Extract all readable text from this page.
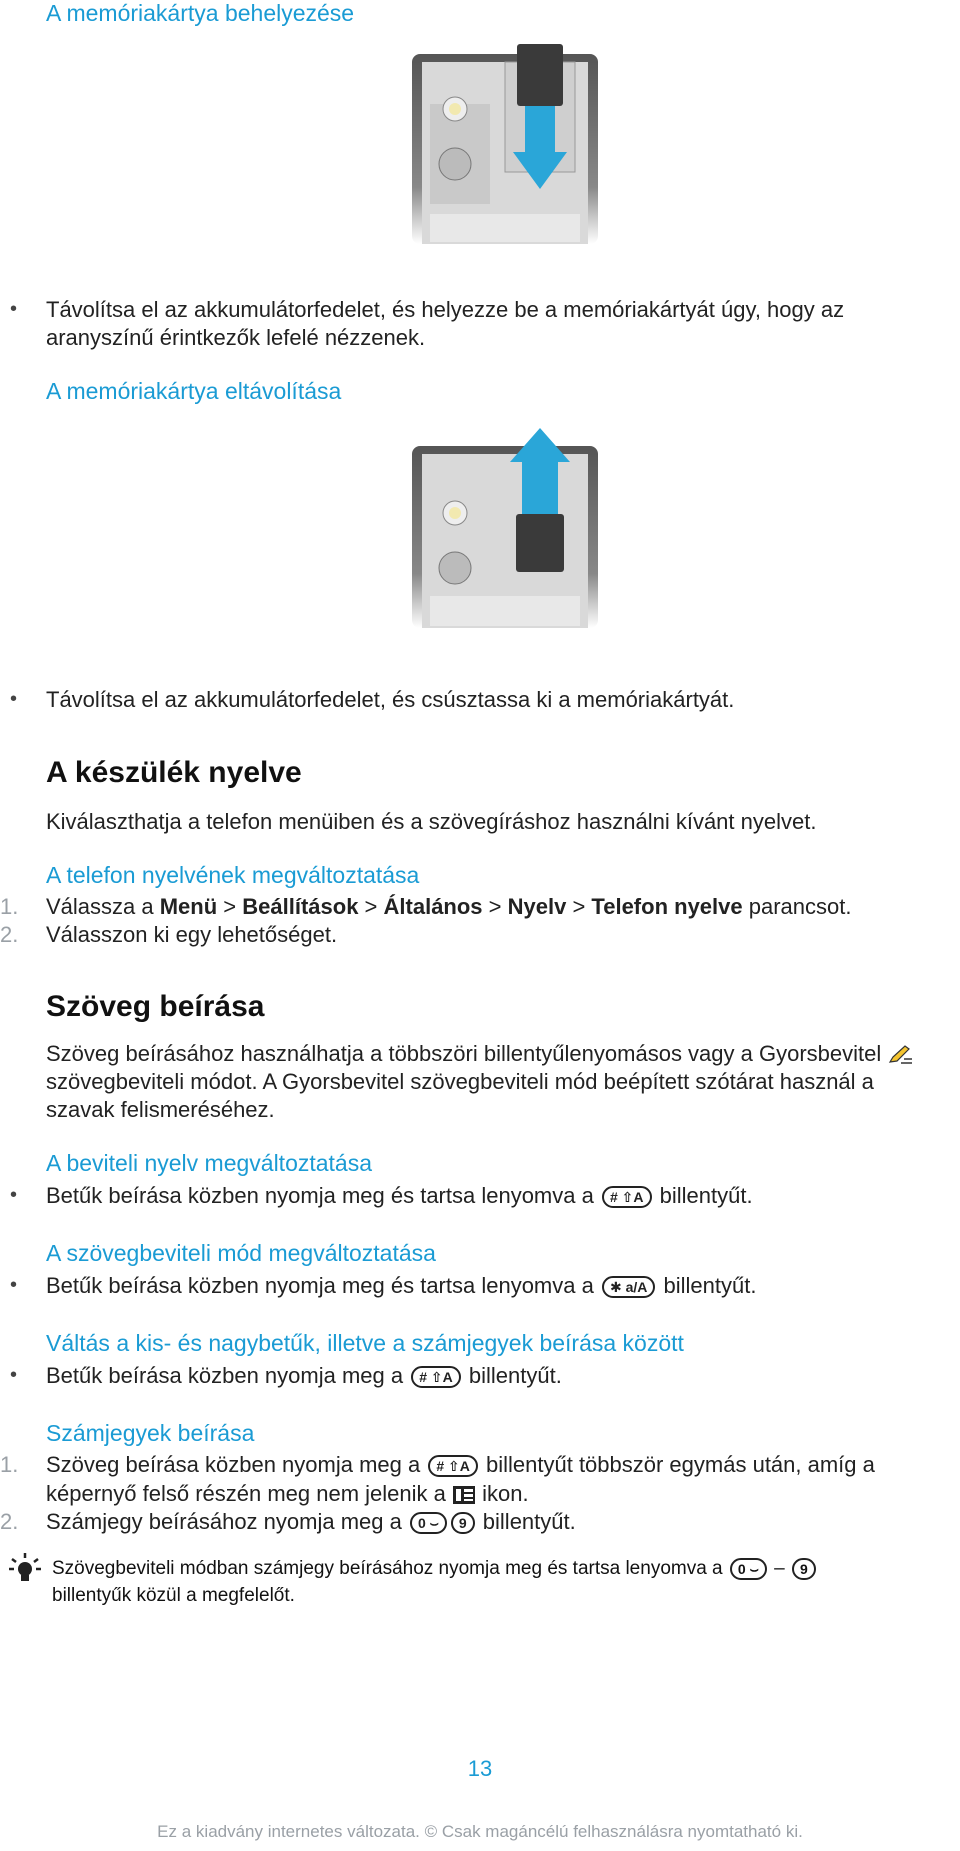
A memóriakártya behelyezése
• Távolítsa el az akkumulátorfedelet, és helyezze be a memóriakártyát úgy, hogy az aranyszínű érintkezők lefelé nézzenek.
A memóriakártya eltávolítása
• Távolítsa el az akkumulátorfedelet, és csúsztassa ki a memóriakártyát.
A készülék nyelve
Kiválaszthatja a telefon menüiben és a szövegíráshoz használni kívánt nyelvet.
A telefon nyelvének megváltoztatása
1.	Válassza a Menü > Beállítások > Általános > Nyelv > Telefon nyelve parancsot.
2.	Válasszon ki egy lehetőséget.
Szöveg beírása
Szöveg beírásához használhatja a többszöri billentyűlenyomásos vagy a Gyorsbevitel
szövegbeviteli módot. A Gyorsbevitel szövegbeviteli mód beépített szótárat használ a
szavak felismeréséhez.
A beviteli nyelv megváltoztatása
• Betűk beírása közben nyomja meg és tartsa lenyomva a # ⇧A billentyűt.
A szövegbeviteli mód megváltoztatása
• Betűk beírása közben nyomja meg és tartsa lenyomva a ✱ a/A billentyűt.
Váltás a kis- és nagybetűk, illetve a számjegyek beírása között
• Betűk beírása közben nyomja meg a # ⇧A billentyűt.
Számjegyek beírása
1.	Szöveg beírása közben nyomja meg a # ⇧A billentyűt többször egymás után, amíg a
képernyő felső részén meg nem jelenik a ikon.
2.	Számjegy beírásához nyomja meg a 0 ⌣ 9 billentyűt.
Szövegbeviteli módban számjegy beírásához nyomja meg és tartsa lenyomva a 0 ⌣ – 9
billentyűk közül a megfelelőt.
13
Ez a kiadvány internetes változata. © Csak magáncélú felhasználásra nyomtatható ki.
